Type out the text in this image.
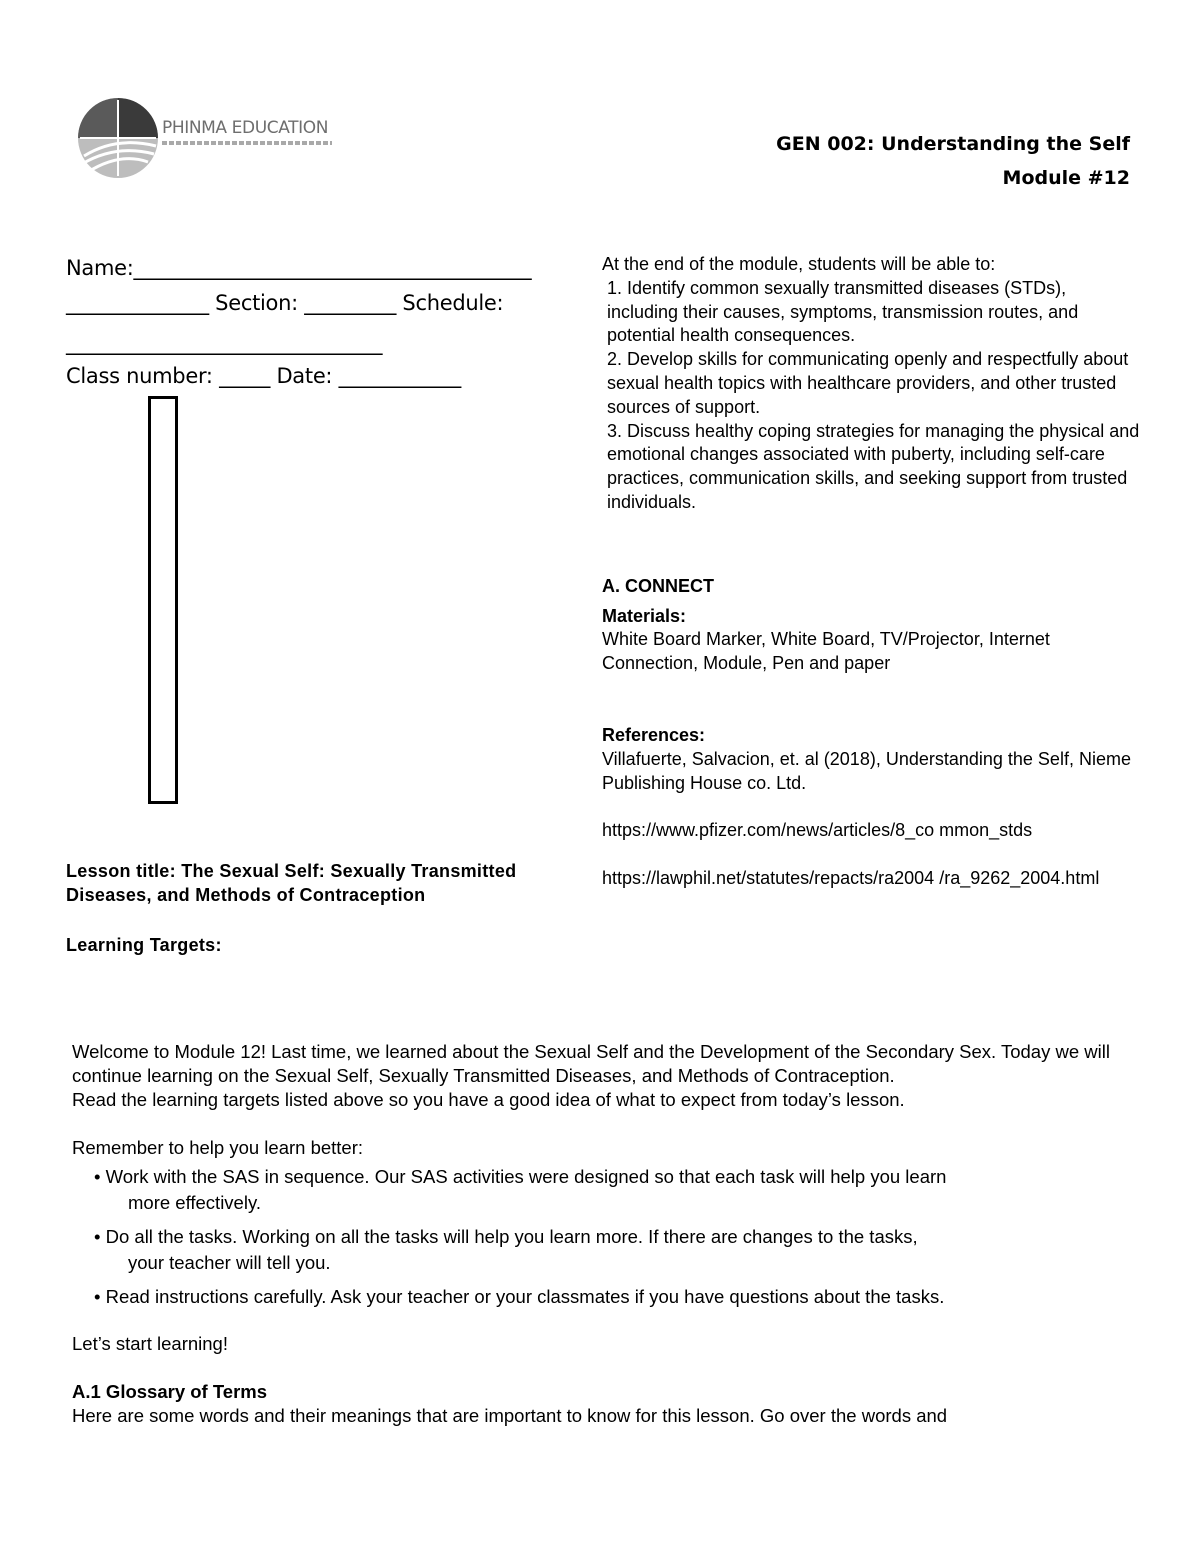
PHINMA EDUCATION
GEN 002: Understanding the Self
Module #12
Name:_______________________________________
______________ Section: _________ Schedule:
_______________________________
Class number: _____ Date: ____________
Lesson title: The Sexual Self: Sexually Transmitted Diseases, and Methods of Contraception
Learning Targets:

At the end of the module, students will be able to:

1. Identify common sexually transmitted diseases (STDs), including their causes, symptoms, transmission routes, and potential health consequences.

2. Develop skills for communicating openly and respectfully about sexual health topics with healthcare providers, and other trusted sources of support.

3. Discuss healthy coping strategies for managing the physical and emotional changes associated with puberty, including self-care practices, communication skills, and seeking support from trusted individuals.

A. CONNECT

Materials:

White Board Marker, White Board, TV/Projector, Internet Connection, Module, Pen and paper

References:

Villafuerte, Salvacion, et. al (2018), Understanding the Self, Nieme Publishing House co. Ltd.

https://www.pfizer.com/news/articles/8_co mmon_stds

https://lawphil.net/statutes/repacts/ra2004 /ra_9262_2004.html

Welcome to Module 12! Last time, we learned about the Sexual Self and the Development of the Secondary Sex. Today we will continue learning on the Sexual Self, Sexually Transmitted Diseases, and Methods of Contraception.

Read the learning targets listed above so you have a good idea of what to expect from today’s lesson.

Remember to help you learn better:

• Work with the SAS in sequence. Our SAS activities were designed so that each task will help you learn
more effectively.

• Do all the tasks. Working on all the tasks will help you learn more. If there are changes to the tasks,
your teacher will tell you.

• Read instructions carefully. Ask your teacher or your classmates if you have questions about the tasks.

Let’s start learning!

A.1 Glossary of Terms

Here are some words and their meanings that are important to know for this lesson. Go over the words and
